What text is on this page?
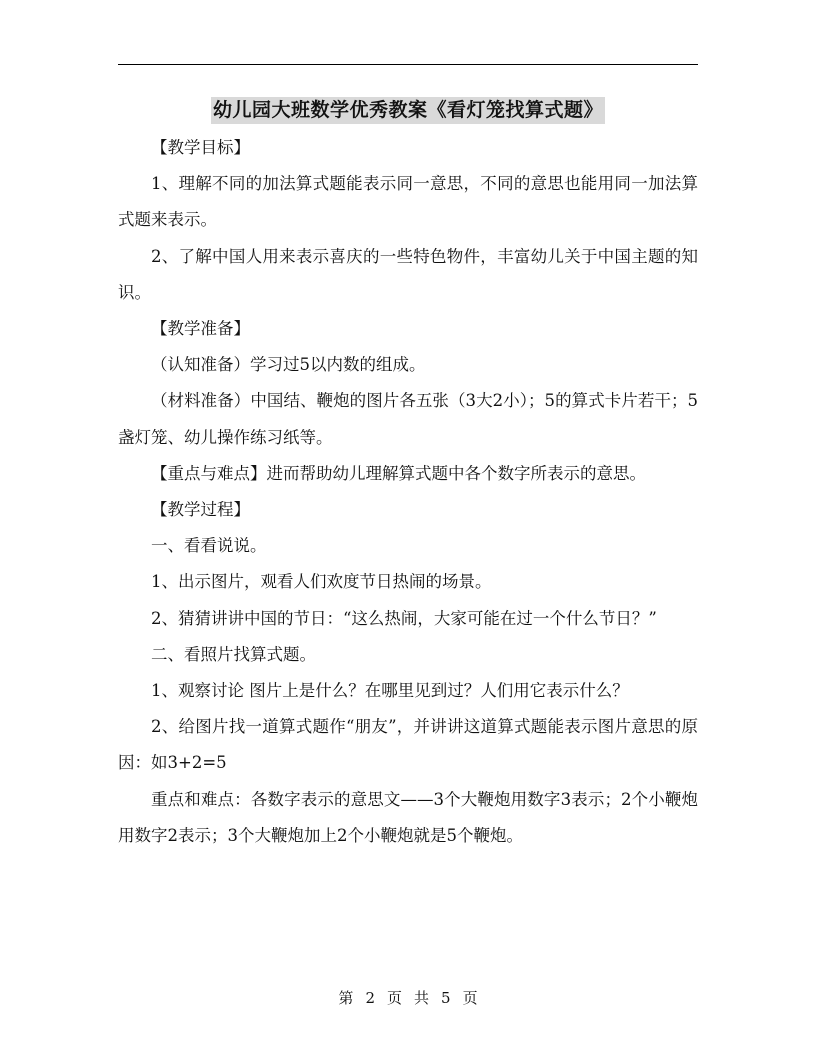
幼儿园大班数学优秀教案《看灯笼找算式题》

【教学目标】

1、理解不同的加法算式题能表示同一意思，不同的意思也能用同一加法算式题来表示。

2、了解中国人用来表示喜庆的一些特色物件，丰富幼儿关于中国主题的知识。

【教学准备】

（认知准备）学习过5以内数的组成。

（材料准备）中国结、鞭炮的图片各五张（3大2小）；5的算式卡片若干；5盏灯笼、幼儿操作练习纸等。

【重点与难点】进而帮助幼儿理解算式题中各个数字所表示的意思。

【教学过程】

一、看看说说。

1、出示图片，观看人们欢度节日热闹的场景。

2、猜猜讲讲中国的节日：“这么热闹，大家可能在过一个什么节日？”

二、看照片找算式题。

1、观察讨论 图片上是什么？在哪里见到过？人们用它表示什么？

2、给图片找一道算式题作“朋友”，并讲讲这道算式题能表示图片意思的原因：如3+2=5

重点和难点：各数字表示的意思文——3个大鞭炮用数字3表示；2个小鞭炮用数字2表示；3个大鞭炮加上2个小鞭炮就是5个鞭炮。

第 2 页 共 5 页
